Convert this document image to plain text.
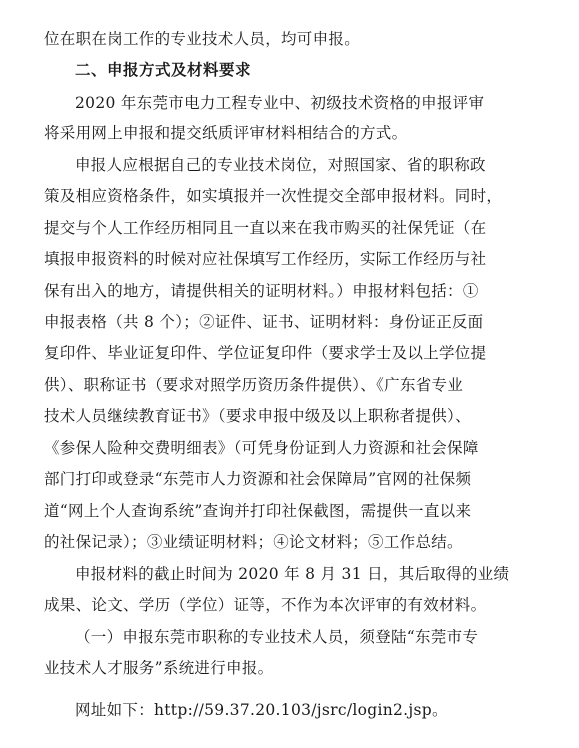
位在职在岗工作的专业技术人员，均可申报。
二、申报方式及材料要求
2020 年东莞市电力工程专业中、初级技术资格的申报评审
将采用网上申报和提交纸质评审材料相结合的方式。
申报人应根据自己的专业技术岗位，对照国家、省的职称政
策及相应资格条件，如实填报并一次性提交全部申报材料。同时，
提交与个人工作经历相同且一直以来在我市购买的社保凭证（在
填报申报资料的时候对应社保填写工作经历，实际工作经历与社
保有出入的地方，请提供相关的证明材料。）申报材料包括：①
申报表格（共 8 个）；②证件、证书、证明材料：身份证正反面
复印件、毕业证复印件、学位证复印件（要求学士及以上学位提
供）、职称证书（要求对照学历资历条件提供）、《广东省专业
技术人员继续教育证书》（要求申报中级及以上职称者提供）、
《参保人险种交费明细表》（可凭身份证到人力资源和社会保障
部门打印或登录“东莞市人力资源和社会保障局”官网的社保频
道“网上个人查询系统”查询并打印社保截图，需提供一直以来
的社保记录）；③业绩证明材料；④论文材料；⑤工作总结。
申报材料的截止时间为 2020 年 8 月 31 日，其后取得的业绩
成果、论文、学历（学位）证等，不作为本次评审的有效材料。
（一）申报东莞市职称的专业技术人员，须登陆“东莞市专
业技术人才服务”系统进行申报。
网址如下：http://59.37.20.103/jsrc/login2.jsp。
